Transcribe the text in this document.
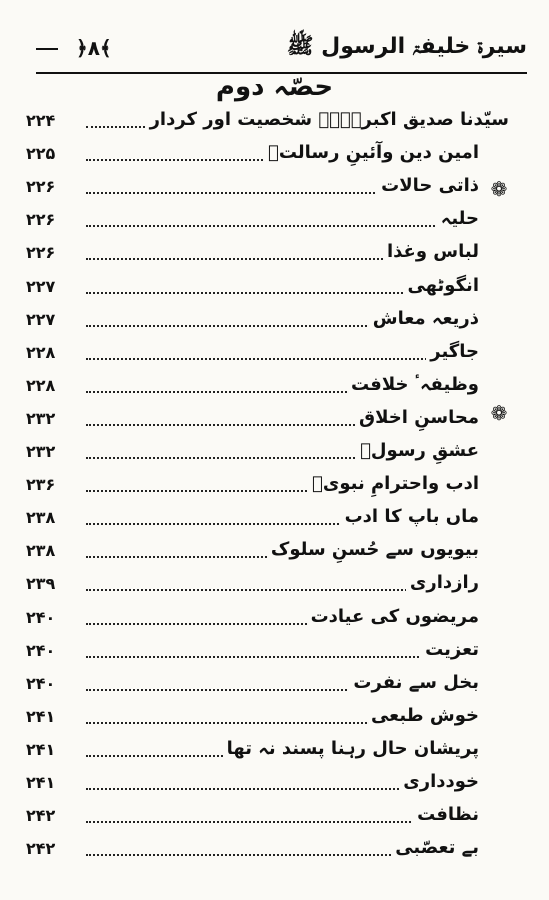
﴿۸﴾	سیرۃ خلیفۃ الرسول ﷺ
حصّہ دوم
سیّدنا صدیق اکبرؓ۔۔۔ شخصیت اور کردار
۲۲۴
امین دین وآئینِ رسالتؐ
۲۲۵
ذاتی حالات
۲۲۶
حلیہ
۲۲۶
لباس وغذا
۲۲۶
انگوٹھی
۲۲۷
ذریعہ معاش
۲۲۷
جاگیر
۲۲۸
وظیفہٴ خلافت
۲۲۸
محاسنِ اخلاق
۲۳۲
عشقِ رسولؐ
۲۳۲
ادب واحترامِ نبویؐ
۲۳۶
ماں باپ کا ادب
۲۳۸
بیویوں سے حُسنِ سلوک
۲۳۸
رازداری
۲۳۹
مریضوں کی عیادت
۲۴۰
تعزیت
۲۴۰
بخل سے نفرت
۲۴۰
خوش طبعی
۲۴۱
پریشان حال رہنا پسند نہ تھا
۲۴۱
خودداری
۲۴۱
نظافت
۲۴۲
بے تعصّبی
۲۴۲
❁
❁
